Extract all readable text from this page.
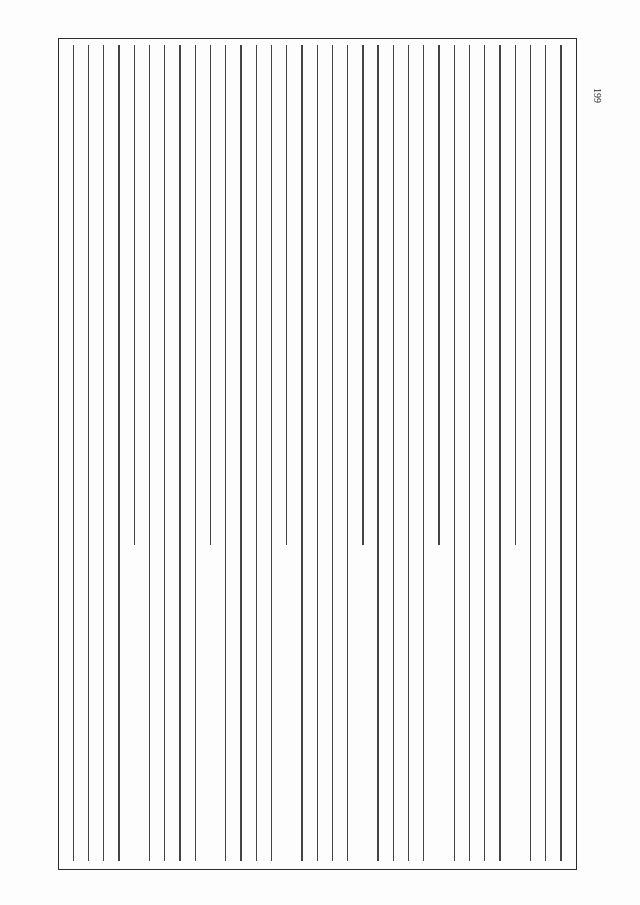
199
